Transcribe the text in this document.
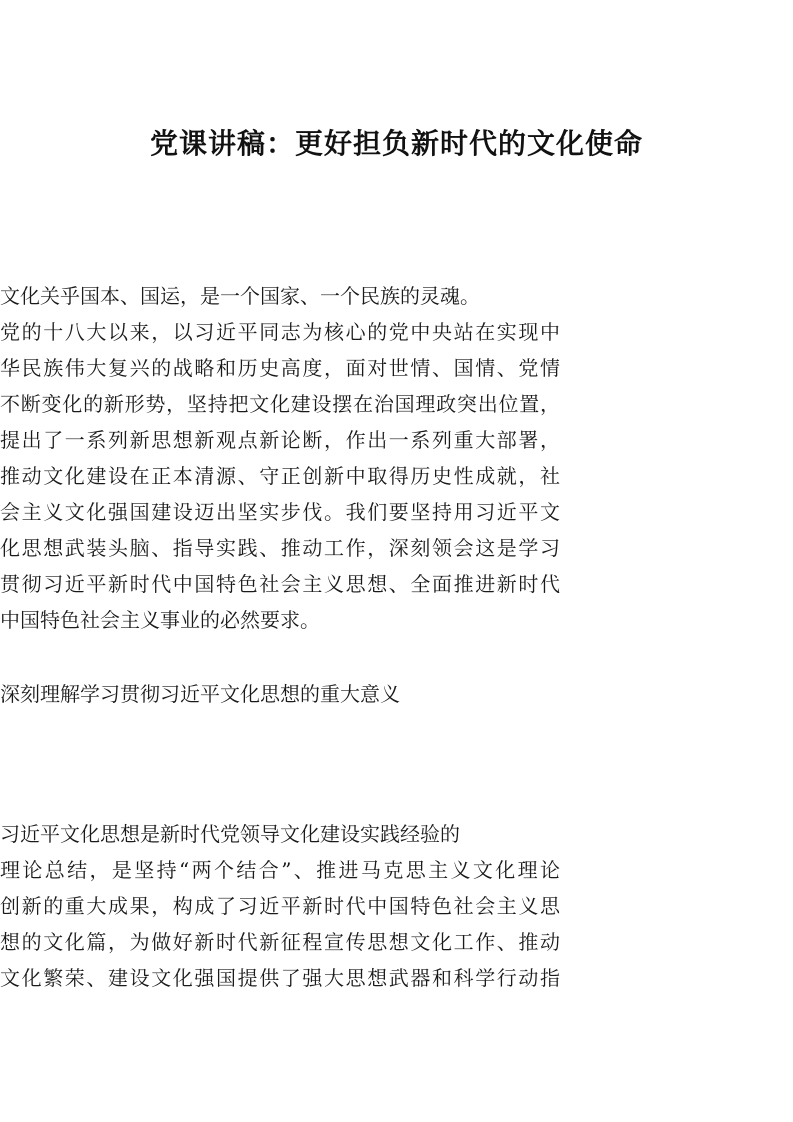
党课讲稿：更好担负新时代的文化使命
文化关乎国本、国运，是一个国家、一个民族的灵魂。
党的十八大以来，以习近平同志为核心的党中央站在实现中
华民族伟大复兴的战略和历史高度，面对世情、国情、党情
不断变化的新形势，坚持把文化建设摆在治国理政突出位置，
提出了一系列新思想新观点新论断，作出一系列重大部署，
推动文化建设在正本清源、守正创新中取得历史性成就，社
会主义文化强国建设迈出坚实步伐。我们要坚持用习近平文
化思想武装头脑、指导实践、推动工作，深刻领会这是学习
贯彻习近平新时代中国特色社会主义思想、全面推进新时代
中国特色社会主义事业的必然要求。
深刻理解学习贯彻习近平文化思想的重大意义
习近平文化思想是新时代党领导文化建设实践经验的
理论总结，是坚持“两个结合”、推进马克思主义文化理论
创新的重大成果，构成了习近平新时代中国特色社会主义思
想的文化篇，为做好新时代新征程宣传思想文化工作、推动
文化繁荣、建设文化强国提供了强大思想武器和科学行动指
